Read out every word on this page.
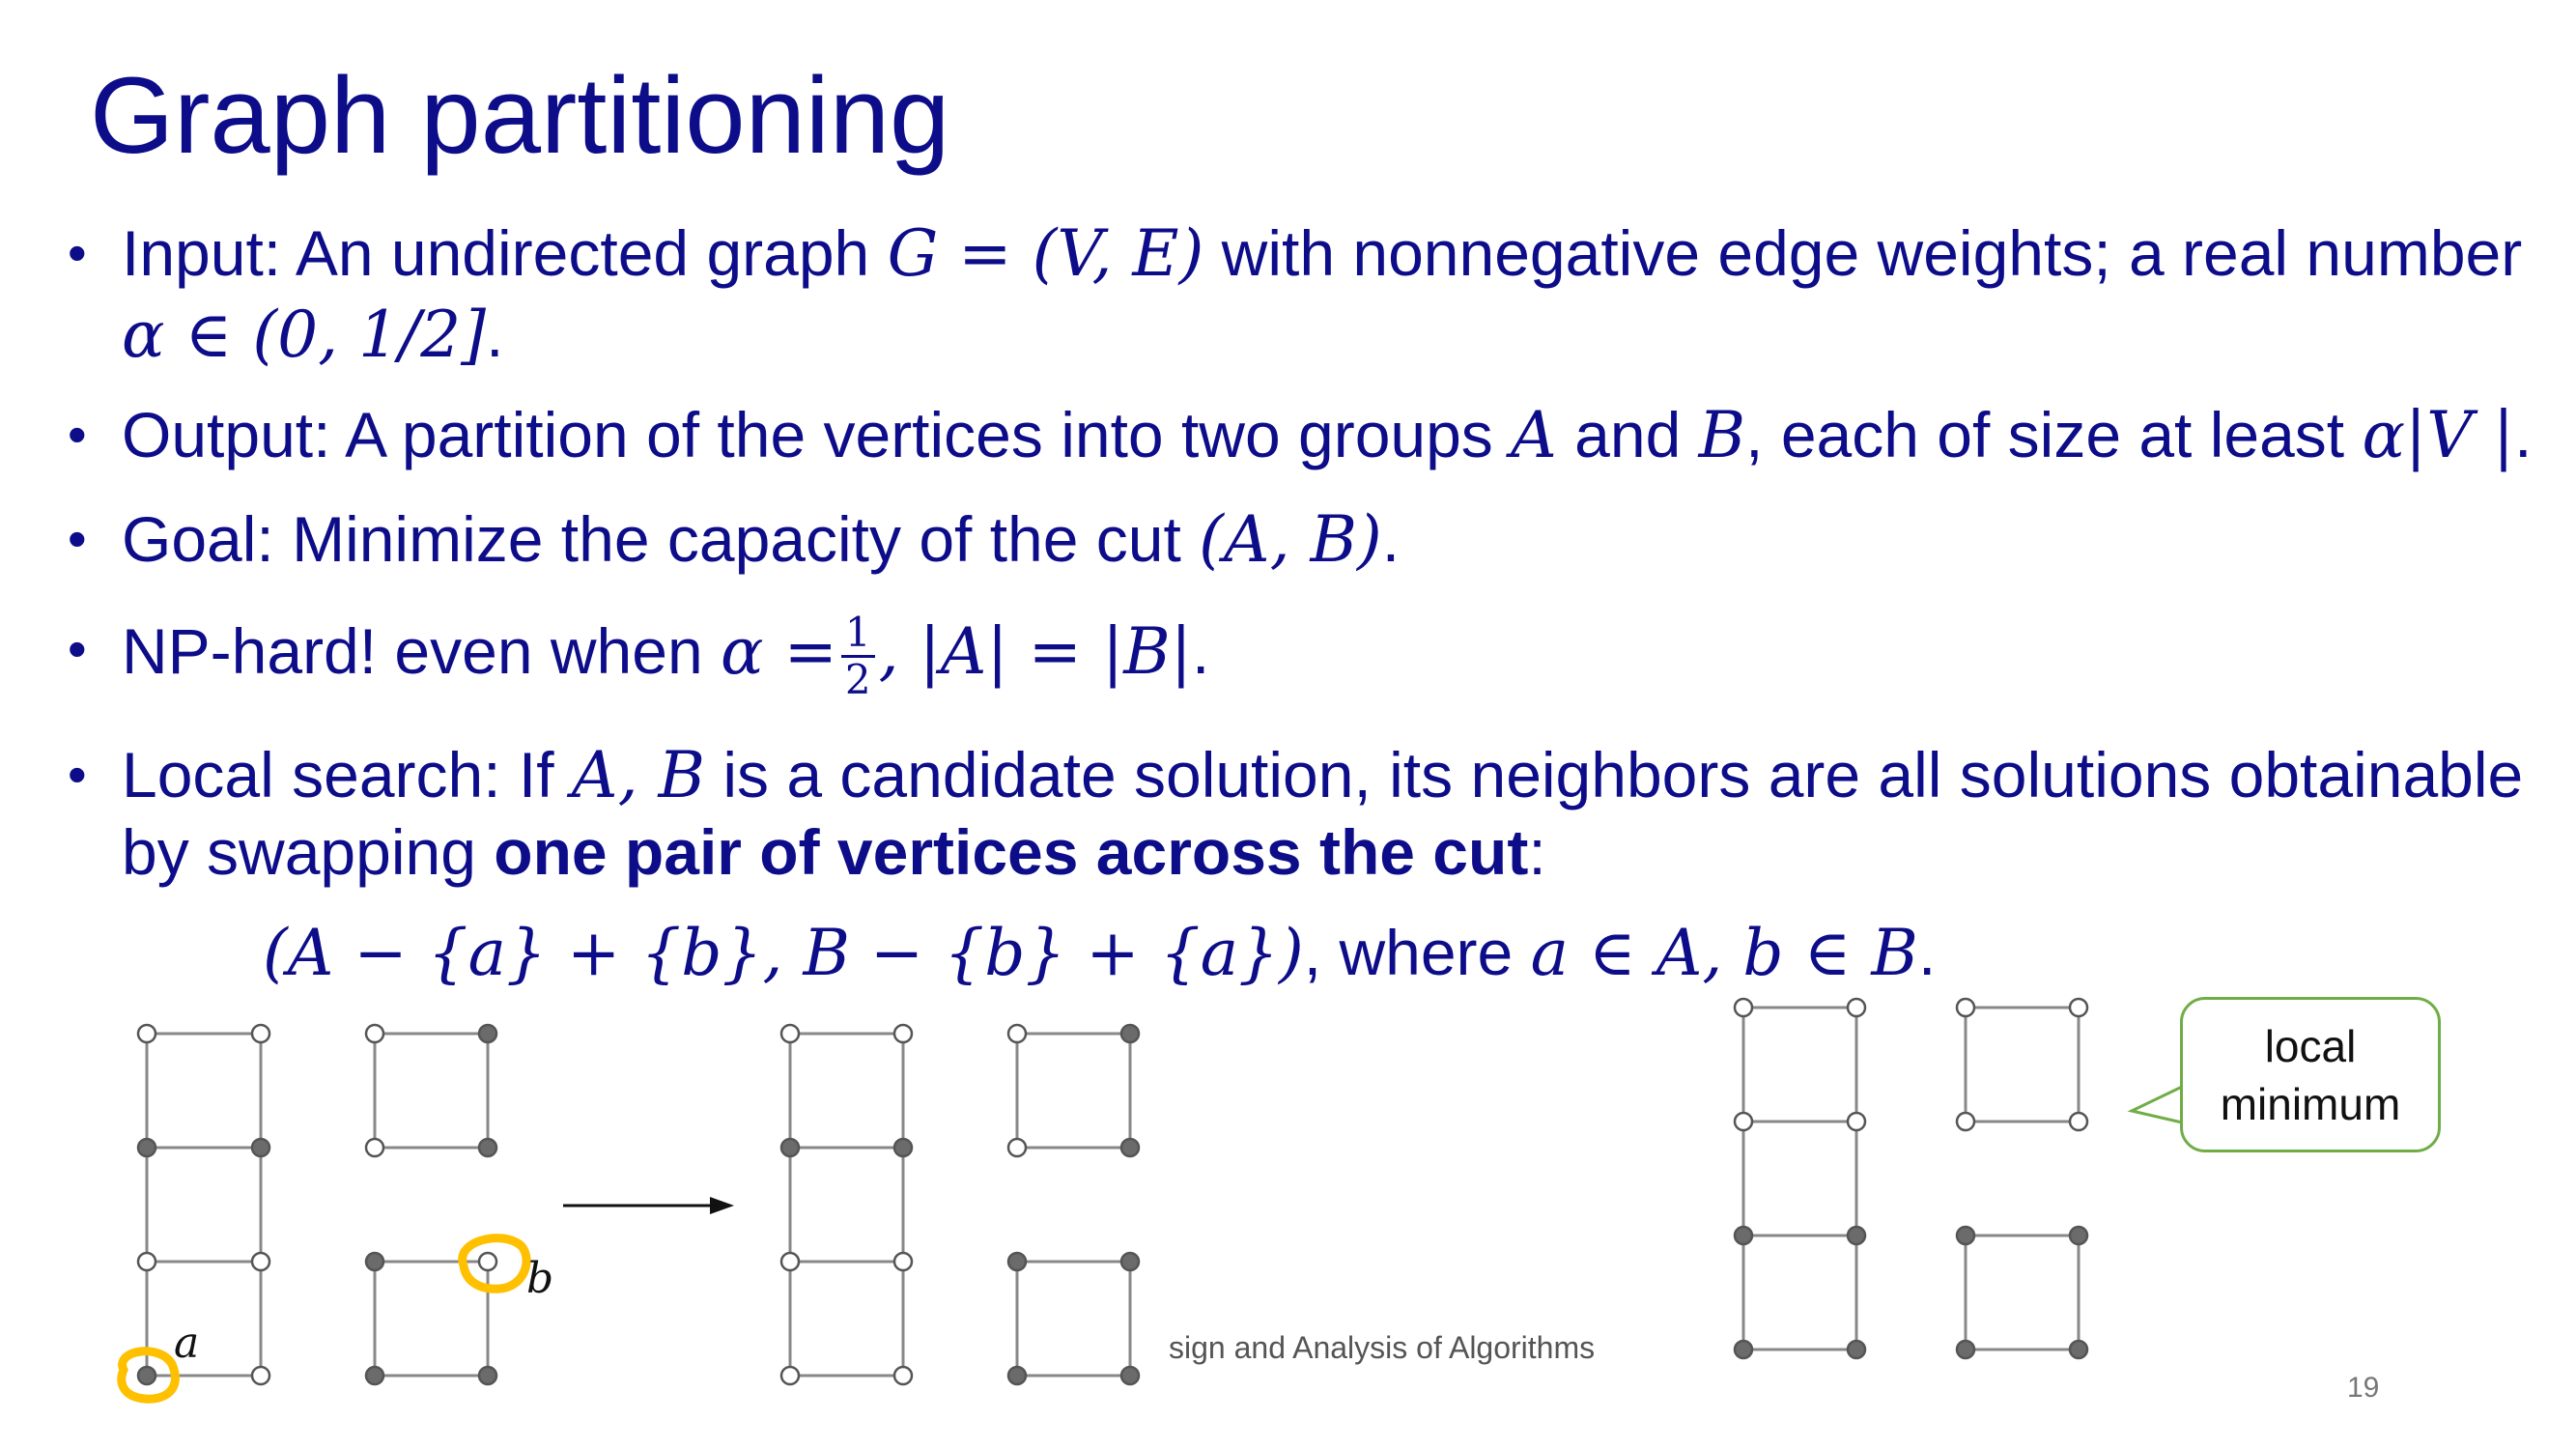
Graph partitioning
• Input: An undirected graph G = (V, E) with nonnegative edge weights; a real number
α ∈ (0, 1/2].
• Output: A partition of the vertices into two groups A and B, each of size at least α|V |.
• Goal: Minimize the capacity of the cut (A, B).
• NP-hard! even when $\alpha = \frac{1}{2}$ , |A| = |B|.
• Local search: If A, B is a candidate solution, its neighbors are all solutions obtainable
by swapping one pair of vertices across the cut:
(A − {a} + {b}, B − {b} + {a}), where a ∈ A, b ∈ B.
a
b
sign and Analysis of Algorithms
19
local
minimum
